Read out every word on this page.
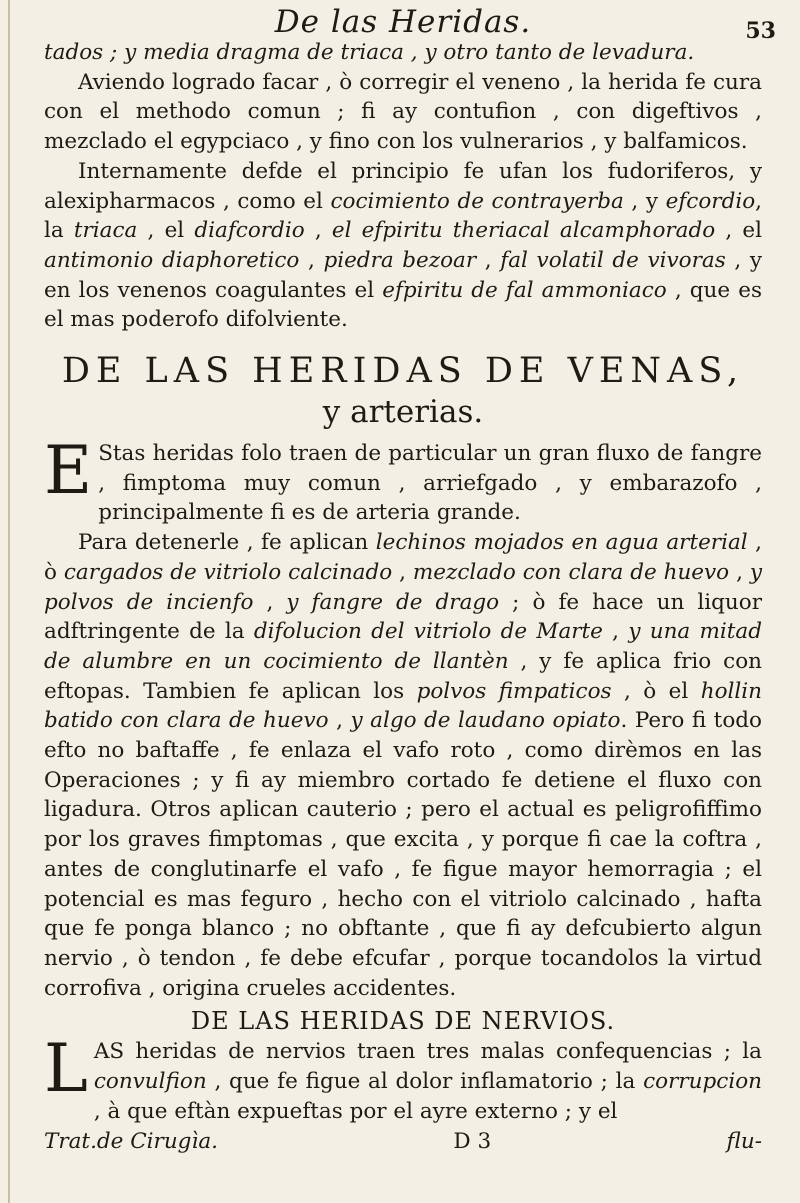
De las Heridas.	53

tados ; y media dragma de triaca , y otro tanto de levadura.

Aviendo logrado facar , ò corregir el veneno , la herida fe cura con el methodo comun ; fi ay contufion , con digeftivos , mezclado el egypciaco , y fino con los vulnerarios , y balfamicos.

Internamente defde el principio fe ufan los fudoriferos, y alexipharmacos , como el cocimiento de contrayerba , y efcordio, la triaca , el diafcordio , el efpiritu theriacal alcamphorado , el antimonio diaphoretico , piedra bezoar , fal volatil de vivoras , y en los venenos coagulantes el efpiritu de fal ammoniaco , que es el mas poderofo difolviente.

DE LAS HERIDAS DE VENAS,
y arterias.

E Stas heridas folo traen de particular un gran fluxo de fangre , fimptoma muy comun , arriefgado , y embarazofo , principalmente fi es de arteria grande.

Para detenerle , fe aplican lechinos mojados en agua arterial , ò cargados de vitriolo calcinado , mezclado con clara de huevo , y polvos de incienfo , y fangre de drago ; ò fe hace un liquor adftringente de la difolucion del vitriolo de Marte , y una mitad de alumbre en un cocimiento de llantèn , y fe aplica frio con eftopas. Tambien fe aplican los polvos fimpaticos , ò el hollin batido con clara de huevo , y algo de laudano opiato. Pero fi todo efto no baftaffe , fe enlaza el vafo roto , como dirèmos en las Operaciones ; y fi ay miembro cortado fe detiene el fluxo con ligadura. Otros aplican cauterio ; pero el actual es peligrofiffimo por los graves fimptomas , que excita , y porque fi cae la coftra , antes de conglutinarfe el vafo , fe figue mayor hemorragia ; el potencial es mas feguro , hecho con el vitriolo calcinado , hafta que fe ponga blanco ; no obftante , que fi ay defcubierto algun nervio , ò tendon , fe debe efcufar , porque tocandolos la virtud corrofiva , origina crueles accidentes.

DE LAS HERIDAS DE NERVIOS.

LAS heridas de nervios traen tres malas confequencias ; la convulfion , que fe figue al dolor inflamatorio ; la corrupcion , à que eftàn expueftas por el ayre externo ; y el

Trat.de Cirugìa.	D 3	flu-
